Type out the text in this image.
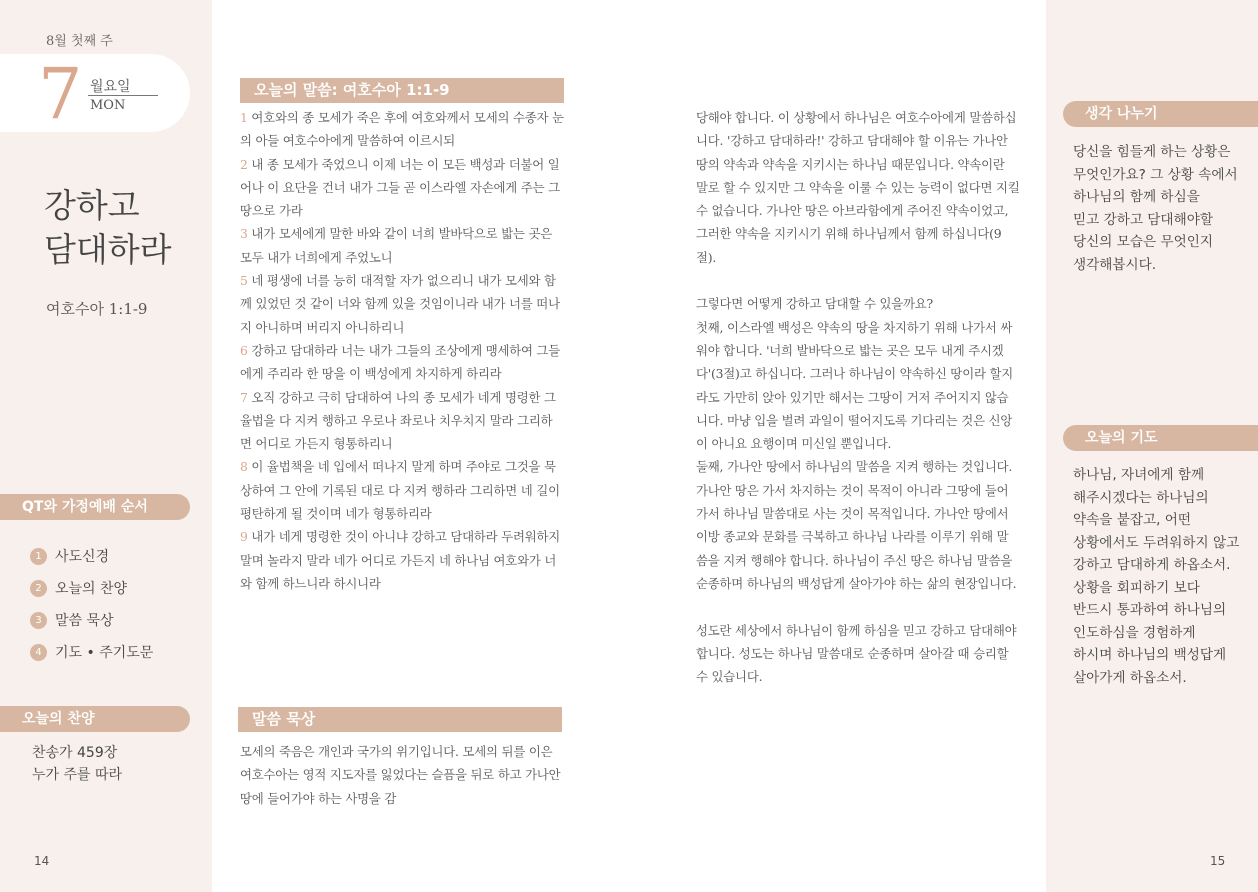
8월 첫째 주
7 월요일
MON
강하고
담대하라
여호수아 1:1-9
QT와 가정예배 순서
1 사도신경
2 오늘의 찬양
3 말씀 묵상
4 기도 • 주기도문
오늘의 찬양
찬송가 459장
누가 주를 따라
14
오늘의 말씀: 여호수아 1:1-9

1 여호와의 종 모세가 죽은 후에 여호와께서 모세의 수종자 눈의 아들 여호수아에게 말씀하여 이르시되

2 내 종 모세가 죽었으니 이제 너는 이 모든 백성과 더불어 일어나 이 요단을 건너 내가 그들 곧 이스라엘 자손에게 주는 그 땅으로 가라

3 내가 모세에게 말한 바와 같이 너희 발바닥으로 밟는 곳은 모두 내가 너희에게 주었노니

5 네 평생에 너를 능히 대적할 자가 없으리니 내가 모세와 함께 있었던 것 같이 너와 함께 있을 것임이니라 내가 너를 떠나지 아니하며 버리지 아니하리니

6 강하고 담대하라 너는 내가 그들의 조상에게 맹세하여 그들에게 주리라 한 땅을 이 백성에게 차지하게 하리라

7 오직 강하고 극히 담대하여 나의 종 모세가 네게 명령한 그 율법을 다 지켜 행하고 우로나 좌로나 치우치지 말라 그리하면 어디로 가든지 형통하리니

8 이 율법책을 네 입에서 떠나지 말게 하며 주야로 그것을 묵상하여 그 안에 기록된 대로 다 지켜 행하라 그리하면 네 길이 평탄하게 될 것이며 네가 형통하리라

9 내가 네게 명령한 것이 아니냐 강하고 담대하라 두려워하지 말며 놀라지 말라 네가 어디로 가든지 네 하나님 여호와가 너와 함께 하느니라 하시니라

말씀 묵상
모세의 죽음은 개인과 국가의 위기입니다. 모세의 뒤를 이은 여호수아는 영적 지도자를 잃었다는 슬픔을 뒤로 하고 가나안 땅에 들어가야 하는 사명을 감

당해야 합니다. 이 상황에서 하나님은 여호수아에게 말씀하십니다. '강하고 담대하라!' 강하고 담대해야 할 이유는 가나안 땅의 약속과 약속을 지키시는 하나님 때문입니다. 약속이란 말로 할 수 있지만 그 약속을 이룰 수 있는 능력이 없다면 지킬 수 없습니다. 가나안 땅은 아브라함에게 주어진 약속이었고, 그러한 약속을 지키시기 위해 하나님께서 함께 하십니다(9절).

그렇다면 어떻게 강하고 담대할 수 있을까요?

첫째, 이스라엘 백성은 약속의 땅을 차지하기 위해 나가서 싸워야 합니다. '너희 발바닥으로 밟는 곳은 모두 내게 주시겠다'(3절)고 하십니다. 그러나 하나님이 약속하신 땅이라 할지라도 가만히 앉아 있기만 해서는 그땅이 거저 주어지지 않습니다. 마냥 입을 벌려 과일이 떨어지도록 기다리는 것은 신앙이 아니요 요행이며 미신일 뿐입니다.

둘째, 가나안 땅에서 하나님의 말씀을 지켜 행하는 것입니다. 가나안 땅은 가서 차지하는 것이 목적이 아니라 그땅에 들어가서 하나님 말씀대로 사는 것이 목적입니다. 가나안 땅에서 이방 종교와 문화를 극복하고 하나님 나라를 이루기 위해 말씀을 지켜 행해야 합니다. 하나님이 주신 땅은 하나님 말씀을 순종하며 하나님의 백성답게 살아가야 하는 삶의 현장입니다.

성도란 세상에서 하나님이 함께 하심을 믿고 강하고 담대해야 합니다. 성도는 하나님 말씀대로 순종하며 살아갈 때 승리할 수 있습니다.

생각 나누기
당신을 힘들게 하는 상황은
무엇인가요? 그 상황 속에서
하나님의 함께 하심을
믿고 강하고 담대해야할
당신의 모습은 무엇인지
생각해봅시다.
오늘의 기도
하나님, 자녀에게 함께
해주시겠다는 하나님의
약속을 붙잡고, 어떤
상황에서도 두려워하지 않고
강하고 담대하게 하옵소서.
상황을 회피하기 보다
반드시 통과하여 하나님의
인도하심을 경험하게
하시며 하나님의 백성답게
살아가게 하옵소서.
15
